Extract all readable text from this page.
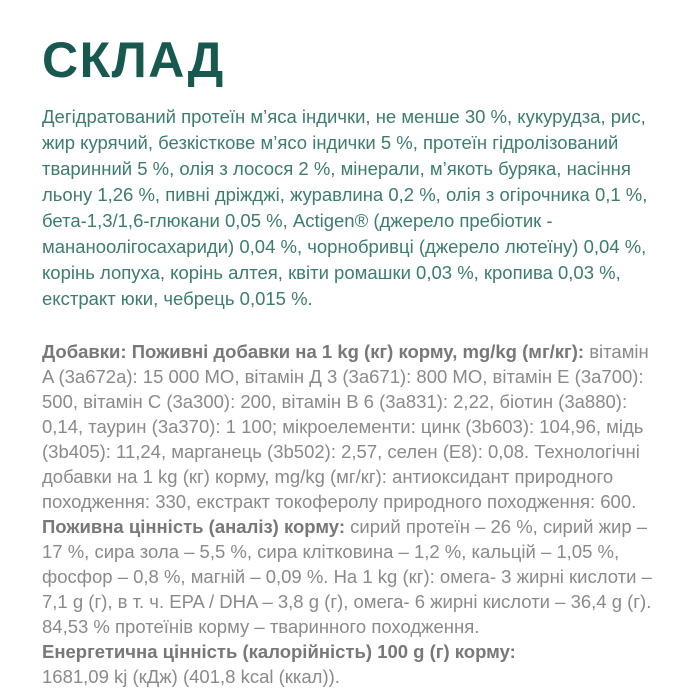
СКЛАД

Дегідратований протеїн м’яса індички, не менше 30 %, кукурудза, рис, жир курячий, безкісткове м’ясо індички 5 %, протеїн гідролізований тваринний 5 %, олія з лосося 2 %, мінерали, м’якоть буряка, насіння льону 1,26 %, пивні дріжджі, журавлина 0,2 %, олія з огірочника 0,1 %, бета-1,3/1,6-глюкани 0,05 %, Actigen® (джерело пребіотик - мананоолігосахариди) 0,04 %, чорнобривці (джерело лютеїну) 0,04 %, корінь лопуха, корінь алтея, квіти ромашки 0,03 %, кропива 0,03 %, екстракт юки, чебрець 0,015 %.

Добавки: Поживні добавки на 1 kg (кг) корму, mg/kg (мг/кг): вітамін A (3a672a): 15 000 МО, вітамін Д 3 (3a671): 800 МО, вітамін E (3a700): 500, вітамін C (3a300): 200, вітамін B 6 (3a831): 2,22, біотин (3a880): 0,14, таурин (3a370): 1 100; мікроелементи: цинк (3b603): 104,96, мідь (3b405): 11,24, марганець (3b502): 2,57, селен (E8): 0,08. Технологічні добавки на 1 kg (кг) корму, mg/kg (мг/кг): антиоксидант природного походження: 330, екстракт токоферолу природного походження: 600.

Поживна цінність (аналіз) корму: сирий протеїн – 26 %, сирий жир – 17 %, сира зола – 5,5 %, сира клітковина – 1,2 %, кальцій – 1,05 %, фосфор – 0,8 %, магній – 0,09 %. На 1 kg (кг): омега- 3 жирні кислоти – 7,1 g (г), в т. ч. EPA / DHA – 3,8 g (г), омега- 6 жирні кислоти – 36,4 g (г). 84,53 % протеїнів корму – тваринного походження.

Енергетична цінність (калорійність) 100 g (г) корму:
1681,09 kj (кДж) (401,8 kcal (ккал)).
